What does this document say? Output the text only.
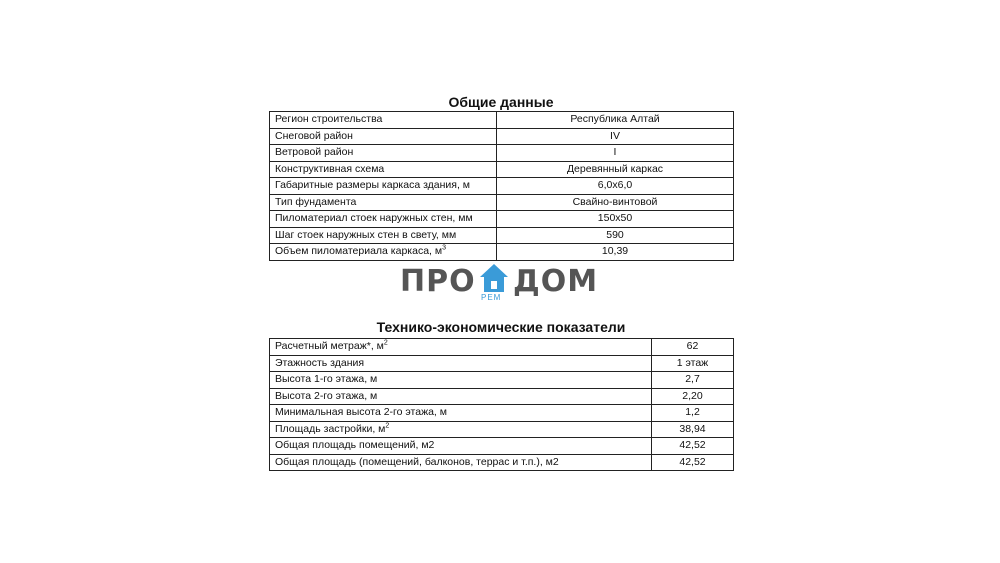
Общие данные
Регион строительства	Республика Алтай
Снеговой район	IV
Ветровой район	I
Конструктивная схема	Деревянный каркас
Габаритные размеры каркаса здания, м	6,0x6,0
Тип фундамента	Свайно-винтовой
Пиломатериал стоек наружных стен, мм	150x50
Шаг стоек наружных стен в свету, мм	590
Объем пиломатериала каркаса, $м^3$	10,39
ПРО РЕМ ДОМ
Технико-экономические показатели
Расчетный метраж*, $м^2$	62
Этажность здания	1 этаж
Высота 1-го этажа, м	2,7
Высота 2-го этажа, м	2,20
Минимальная высота 2-го этажа, м	1,2
Площадь застройки, $м^2$	38,94
Общая площадь помещений, м2	42,52
Общая площадь (помещений, балконов, террас и т.п.), м2	42,52
